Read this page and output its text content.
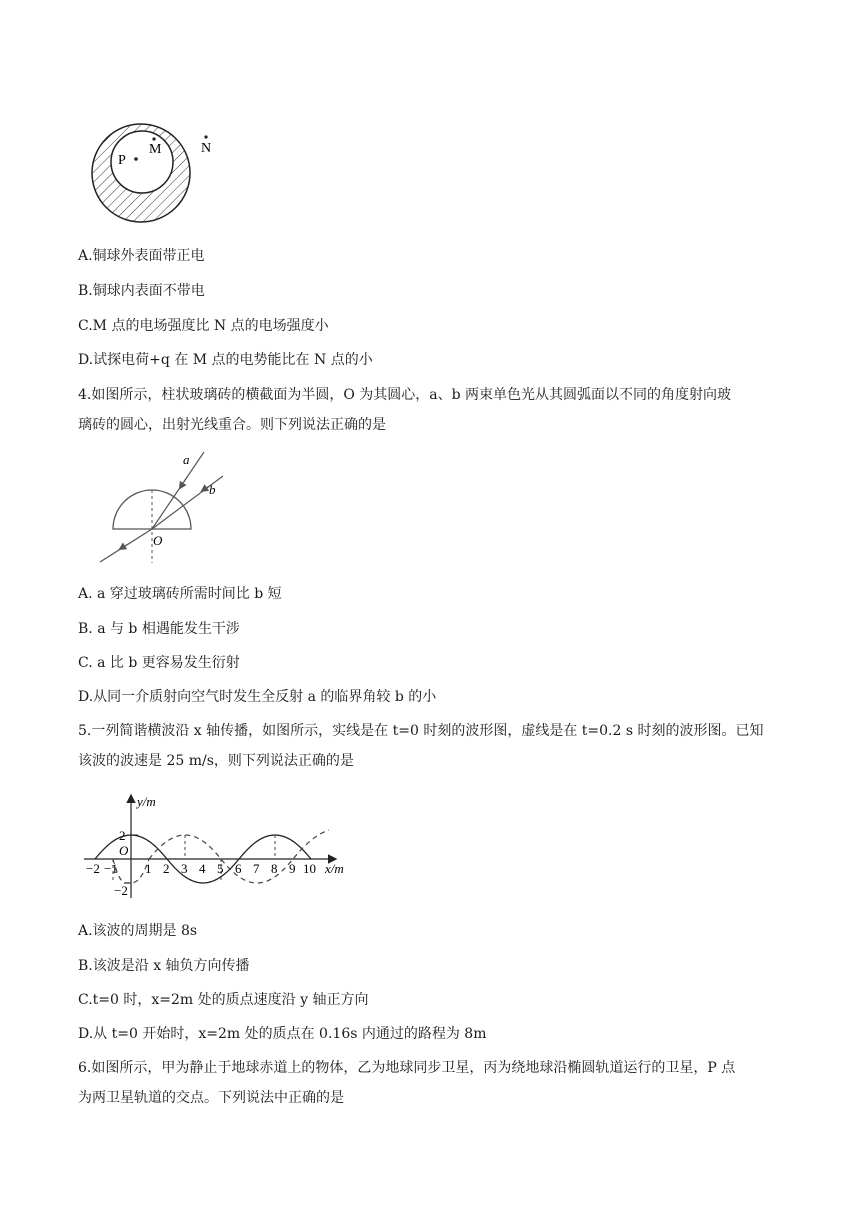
P
M	N
A.铜球外表面带正电
B.铜球内表面不带电
C.M 点的电场强度比 N 点的电场强度小
D.试探电荷+q 在 M 点的电势能比在 N 点的小
4.如图所示，柱状玻璃砖的横截面为半圆，O 为其圆心，a、b 两束单色光从其圆弧面以不同的角度射向玻
璃砖的圆心，出射光线重合。则下列说法正确的是
a
b
O
A. a 穿过玻璃砖所需时间比 b 短
B. a 与 b 相遇能发生干涉
C. a 比 b 更容易发生衍射
D.从同一介质射向空气时发生全反射 a 的临界角较 b 的小
5.一列简谐横波沿 x 轴传播，如图所示，实线是在 t=0 时刻的波形图，虚线是在 t=0.2 s 时刻的波形图。已知
该波的波速是 25 m/s，则下列说法正确的是
y/m
x/m
O
2
−2
−2 −1 1 2 3 4 5 6 7 8 9 10
A.该波的周期是 8s
B.该波是沿 x 轴负方向传播
C.t=0 时，x=2m 处的质点速度沿 y 轴正方向
D.从 t=0 开始时，x=2m 处的质点在 0.16s 内通过的路程为 8m
6.如图所示，甲为静止于地球赤道上的物体，乙为地球同步卫星，丙为绕地球沿椭圆轨道运行的卫星，P 点
为两卫星轨道的交点。下列说法中正确的是
